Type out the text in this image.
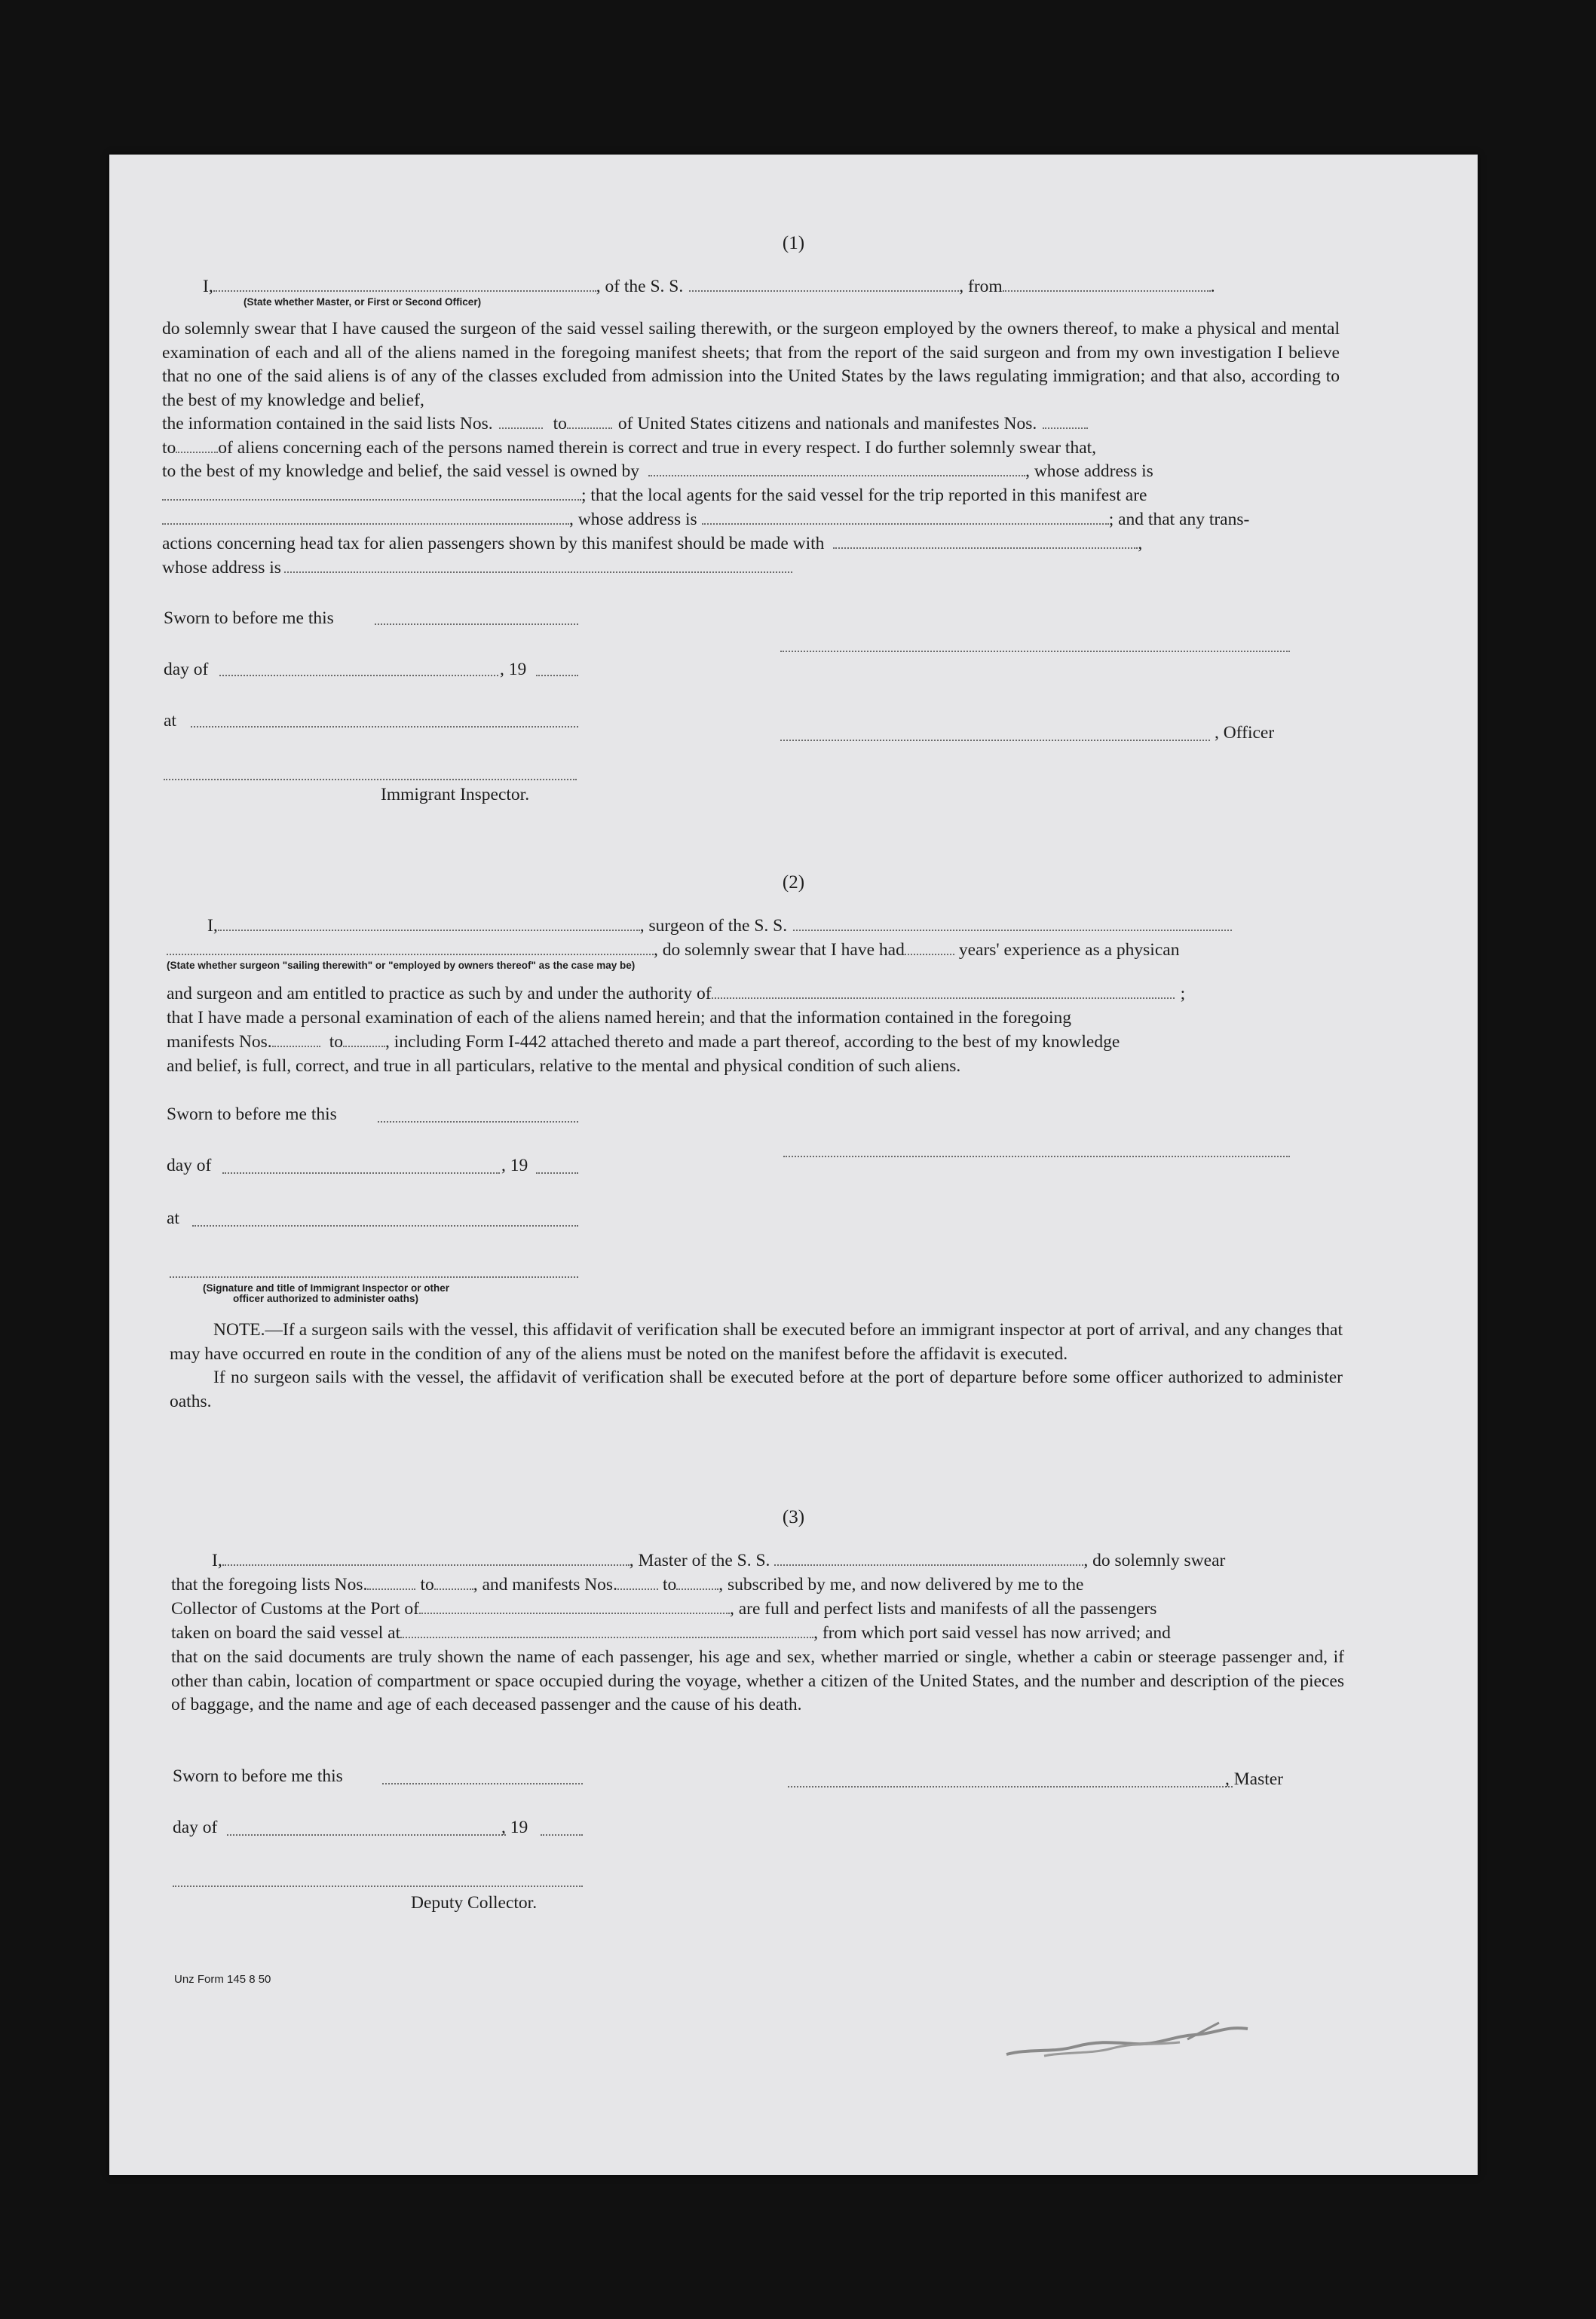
(1)
I,	, of the S. S.	, from	.
(State whether Master, or First or Second Officer)
do solemnly swear that I have caused the surgeon of the said vessel sailing therewith, or the surgeon employed by the owners thereof, to make a physical and mental examination of each and all of the aliens named in the foregoing manifest sheets; that from the report of the said surgeon and from my own investigation I believe that no one of the said aliens is of any of the classes excluded from admission into the United States by the laws regulating immigration; and that also, according to the best of my knowledge and belief,
the information contained in the said lists Nos.	to	of United States citizens and nationals and manifestes Nos.
to of aliens concerning each of the persons named therein is correct and true in every respect. I do further solemnly swear that,
to the best of my knowledge and belief, the said vessel is owned by	, whose address is
; that the local agents for the said vessel for the trip reported in this manifest are
, whose address is	; and that any trans-
actions concerning head tax for alien passengers shown by this manifest should be made with	,
whose address is
Sworn to before me this
day of	, 19
at
, Officer
Immigrant Inspector.
(2)
I,	, surgeon of the S. S.
, do solemnly swear that I have had	years' experience as a physican
(State whether surgeon "sailing therewith" or "employed by owners thereof" as the case may be)
and surgeon and am entitled to practice as such by and under the authority of	;
that I have made a personal examination of each of the aliens named herein; and that the information contained in the foregoing
manifests Nos.	to , including Form I-442 attached thereto and made a part thereof, according to the best of my knowledge
and belief, is full, correct, and true in all particulars, relative to the mental and physical condition of such aliens.
Sworn to before me this
day of	, 19
at
(Signature and title of Immigrant Inspector or other
officer authorized to administer oaths)

NOTE.—If a surgeon sails with the vessel, this affidavit of verification shall be executed before an immigrant inspector at port of arrival, and any changes that may have occurred en route in the condition of any of the aliens must be noted on the manifest before the affidavit is executed.

If no surgeon sails with the vessel, the affidavit of verification shall be executed before at the port of departure before some officer authorized to administer oaths.

(3)
I,	, Master of the S. S.	, do solemnly swear
that the foregoing lists Nos.	to , and manifests Nos.	to , subscribed by me, and now delivered by me to the
Collector of Customs at the Port of	, are full and perfect lists and manifests of all the passengers
taken on board the said vessel at	, from which port said vessel has now arrived; and
that on the said documents are truly shown the name of each passenger, his age and sex, whether married or single, whether a cabin or steerage passenger and, if other than cabin, location of compartment or space occupied during the voyage, whether a citizen of the United States, and the number and description of the pieces of baggage, and the name and age of each deceased passenger and the cause of his death.
Sworn to before me this	, Master
day of	, 19
Deputy Collector.
Unz Form 145 8 50
